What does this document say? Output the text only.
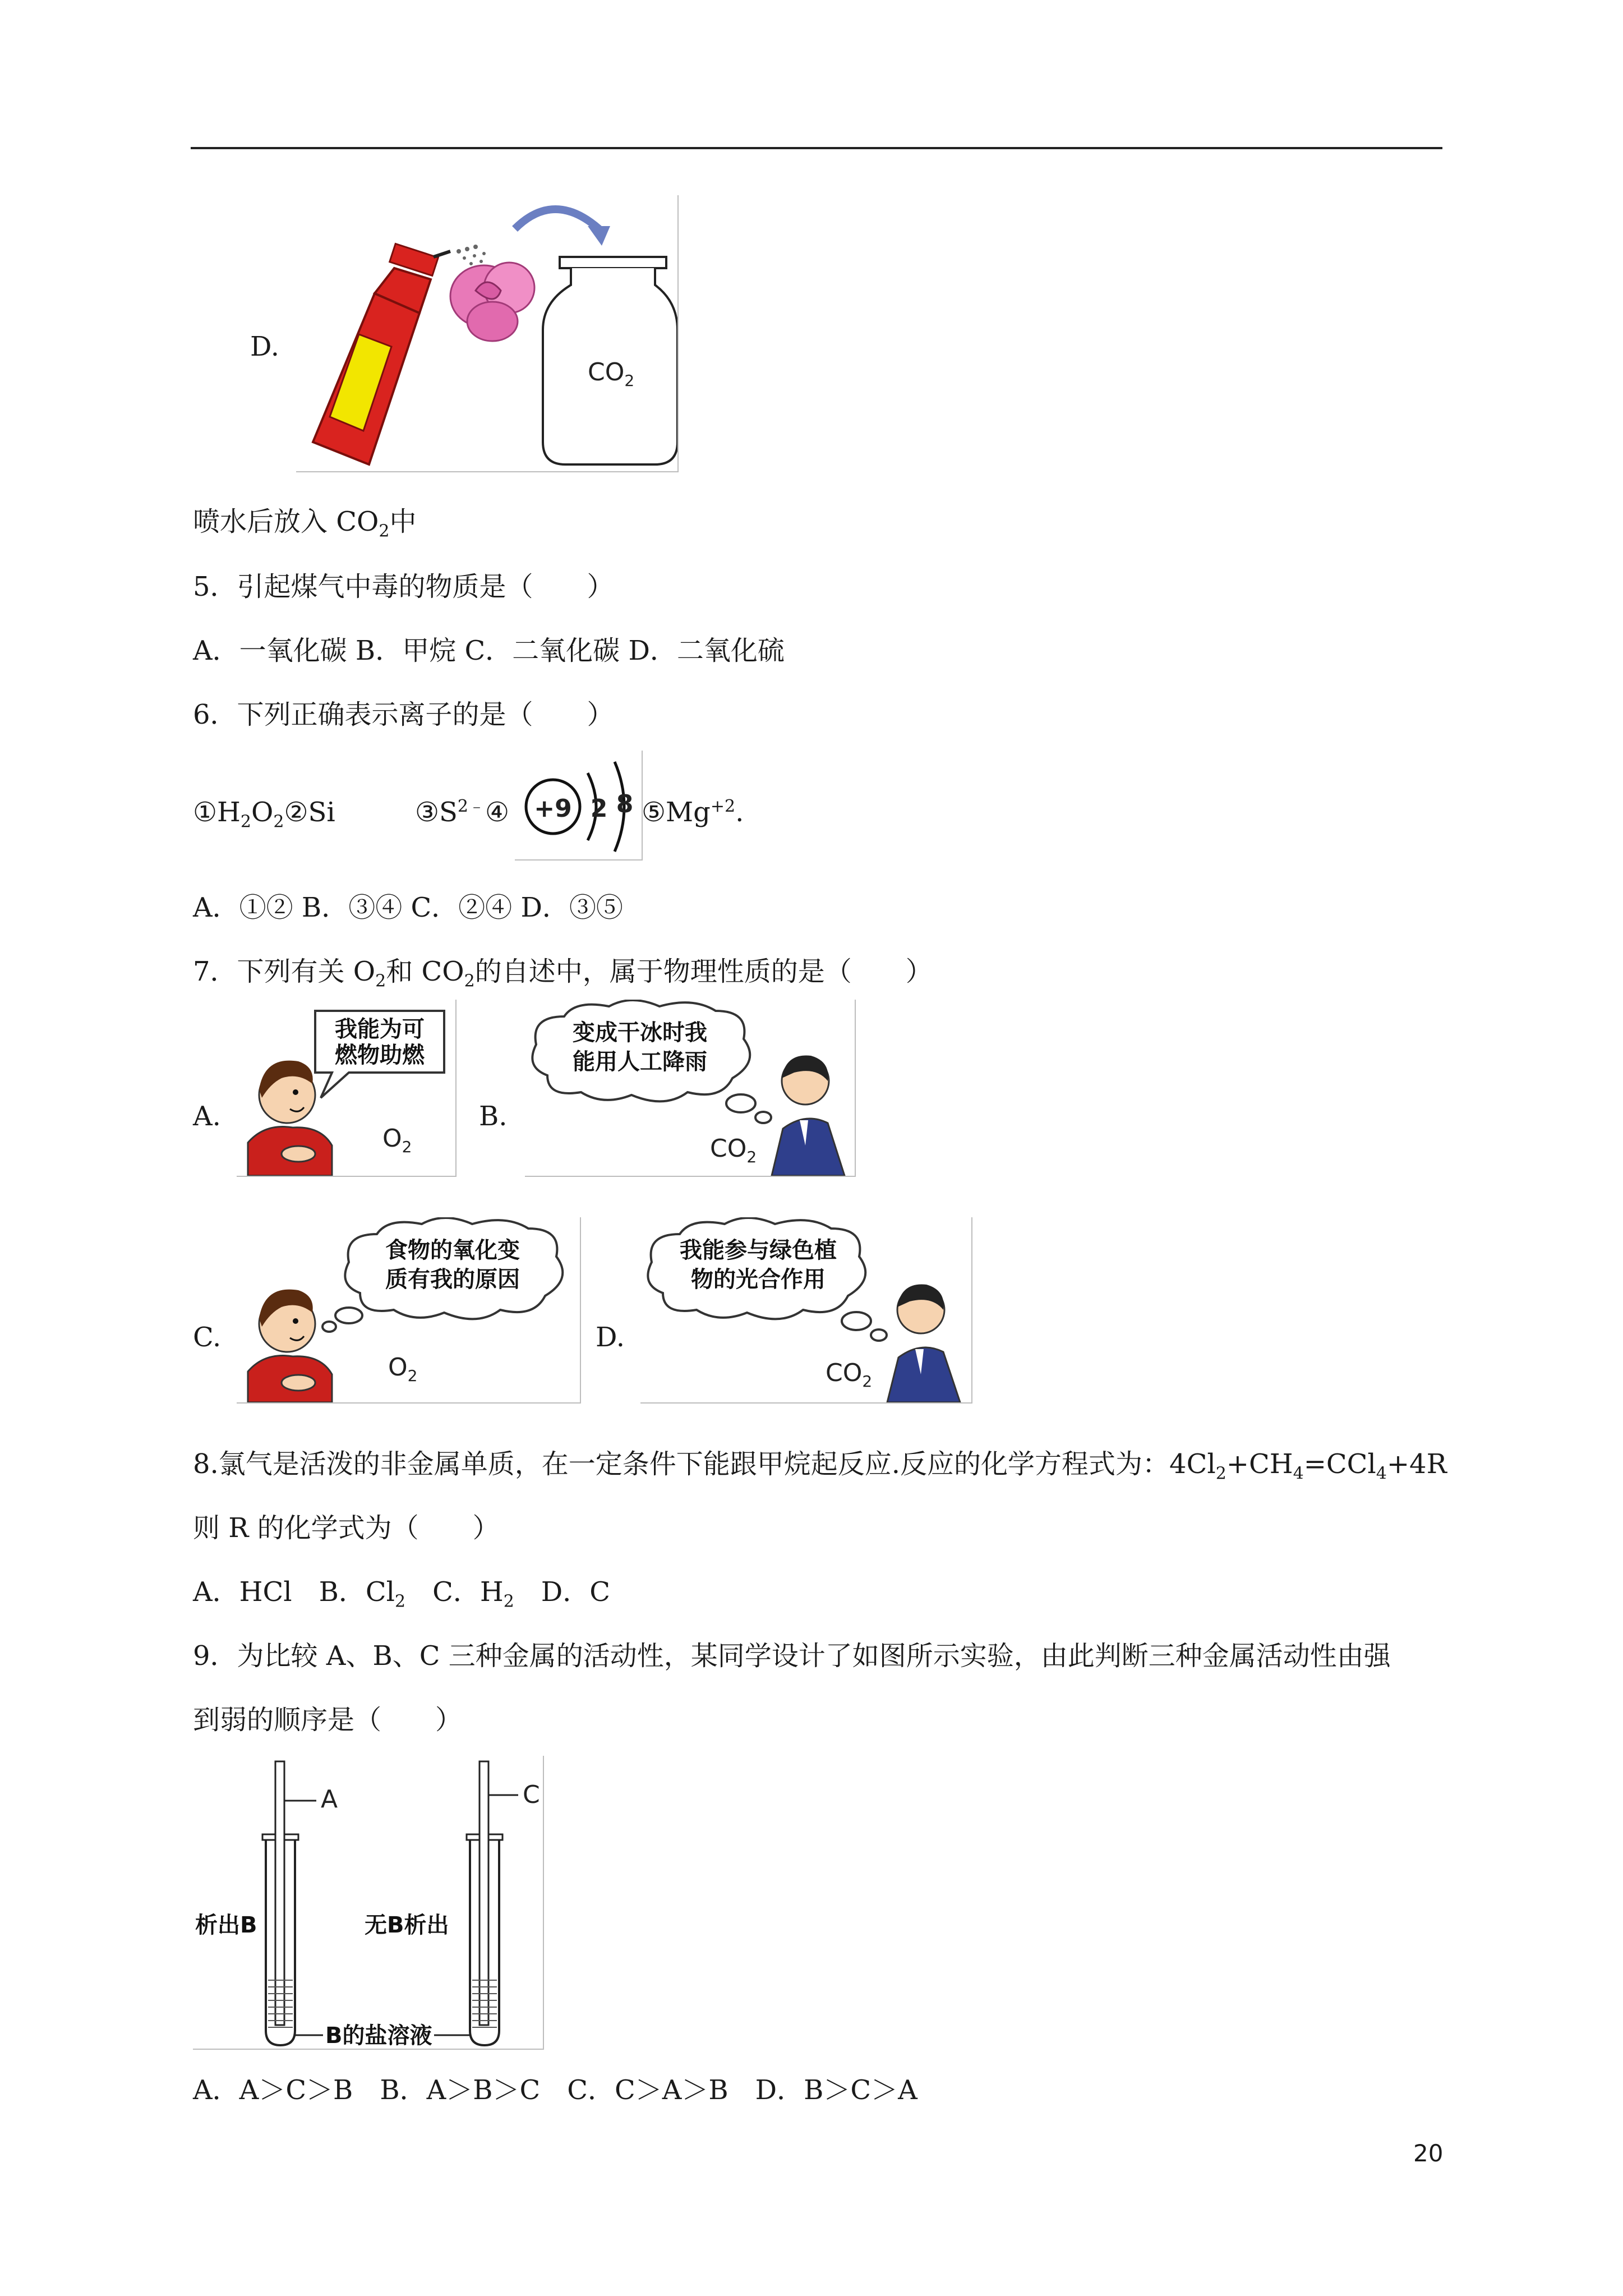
D.
$CO_2$
喷水后放入 $CO_2$中
5．引起煤气中毒的物质是（　　）
A．一氧化碳 B．甲烷 C．二氧化碳 D．二氧化硫
6．下列正确表示离子的是（　　）
$①H_2O_2②Si$	$③S^{2﹣}④ +9$ 2 8 $⑤Mg^{+2}$.
A．①② B．③④ C．②④ D．③⑤
7．下列有关 $O_2$和 $CO_2$的自述中，属于物理性质的是（　　）
A.
我能为可
燃物助燃
$O_2$
B.
变成干冰时我
能用人工降雨
$CO_2$
C.
食物的氧化变
质有我的原因
$O_2$
D.
我能参与绿色植
物的光合作用
$CO_2$
8.氯气是活泼的非金属单质，在一定条件下能跟甲烷起反应.反应的化学方程式为：$4Cl_2+CH_4=CCl_4+4R$
则 R 的化学式为（　　）
A．HCl　 B．$Cl_2$　 C．$H_2$　 D．C
9．为比较 A、B、C 三种金属的活动性，某同学设计了如图所示实验，由此判断三种金属活动性由强
到弱的顺序是（　　）
A
析出B
C
无B析出
B的盐溶液
A．A＞C＞B　B．A＞B＞C　C．C＞A＞B　D．B＞C＞A
20
